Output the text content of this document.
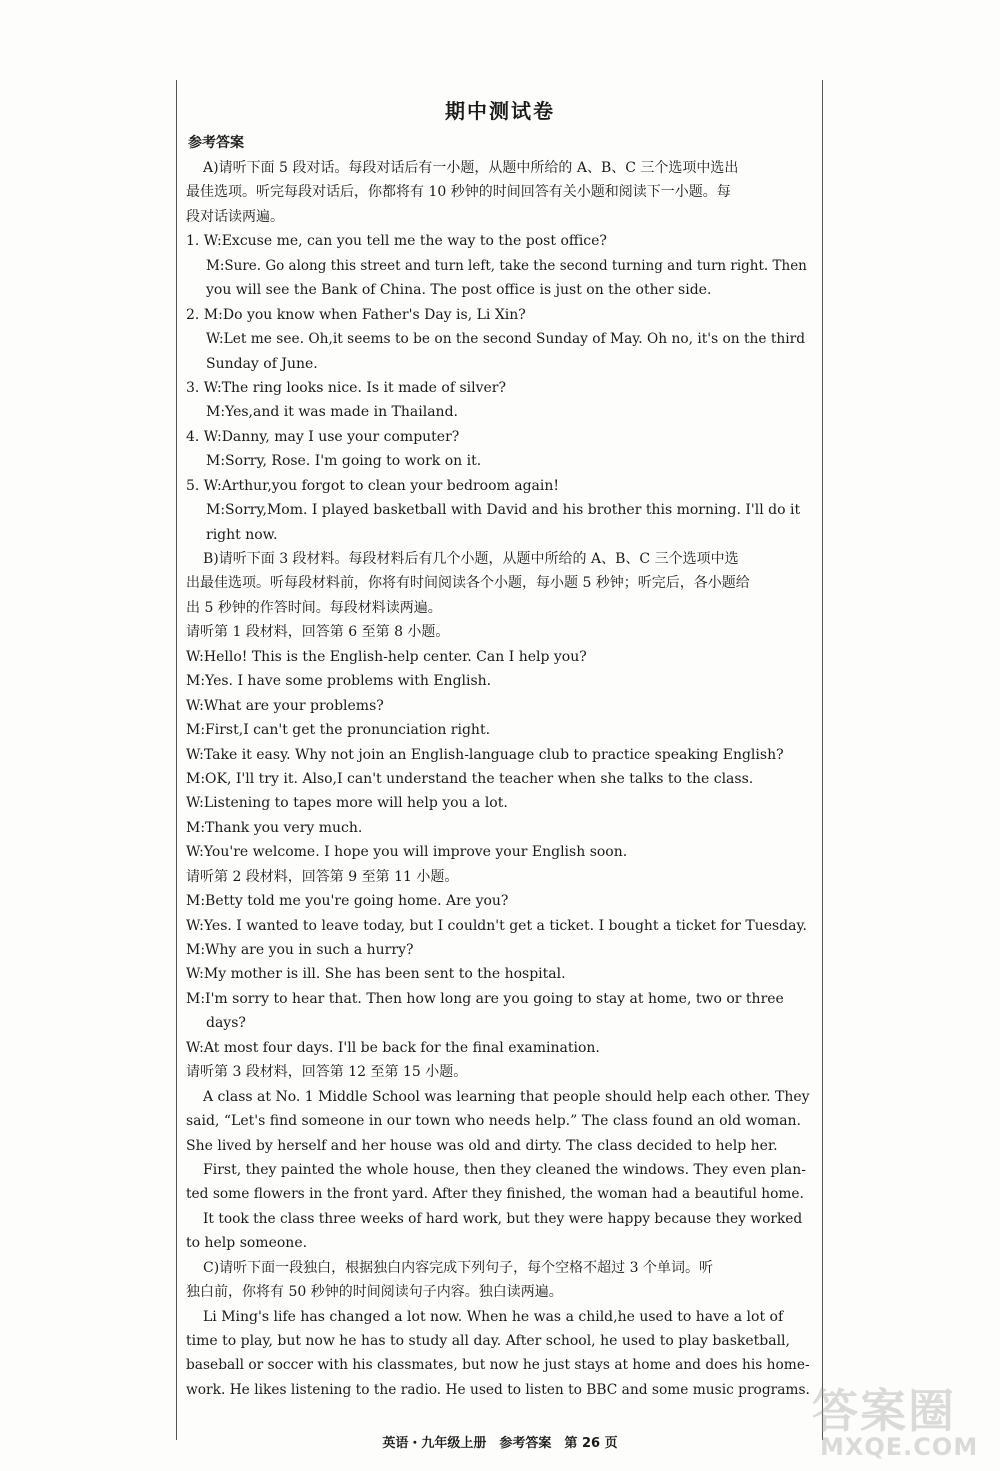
期中测试卷
参考答案
A)请听下面 5 段对话。每段对话后有一小题，从题中所给的 A、B、C 三个选项中选出
最佳选项。听完每段对话后，你都将有 10 秒钟的时间回答有关小题和阅读下一小题。每
段对话读两遍。
1. W:Excuse me, can you tell me the way to the post office?
M:Sure. Go along this street and turn left, take the second turning and turn right. Then
you will see the Bank of China. The post office is just on the other side.
2. M:Do you know when Father's Day is, Li Xin?
W:Let me see. Oh,it seems to be on the second Sunday of May. Oh no, it's on the third
Sunday of June.
3. W:The ring looks nice. Is it made of silver?
M:Yes,and it was made in Thailand.
4. W:Danny, may I use your computer?
M:Sorry, Rose. I'm going to work on it.
5. W:Arthur,you forgot to clean your bedroom again!
M:Sorry,Mom. I played basketball with David and his brother this morning. I'll do it
right now.
B)请听下面 3 段材料。每段材料后有几个小题，从题中所给的 A、B、C 三个选项中选
出最佳选项。听每段材料前，你将有时间阅读各个小题，每小题 5 秒钟；听完后，各小题给
出 5 秒钟的作答时间。每段材料读两遍。
请听第 1 段材料，回答第 6 至第 8 小题。
W:Hello! This is the English-help center. Can I help you?
M:Yes. I have some problems with English.
W:What are your problems?
M:First,I can't get the pronunciation right.
W:Take it easy. Why not join an English-language club to practice speaking English?
M:OK, I'll try it. Also,I can't understand the teacher when she talks to the class.
W:Listening to tapes more will help you a lot.
M:Thank you very much.
W:You're welcome. I hope you will improve your English soon.
请听第 2 段材料，回答第 9 至第 11 小题。
M:Betty told me you're going home. Are you?
W:Yes. I wanted to leave today, but I couldn't get a ticket. I bought a ticket for Tuesday.
M:Why are you in such a hurry?
W:My mother is ill. She has been sent to the hospital.
M:I'm sorry to hear that. Then how long are you going to stay at home, two or three
days?
W:At most four days. I'll be back for the final examination.
请听第 3 段材料，回答第 12 至第 15 小题。
A class at No. 1 Middle School was learning that people should help each other. They
said, “Let's find someone in our town who needs help.” The class found an old woman.
She lived by herself and her house was old and dirty. The class decided to help her.
First, they painted the whole house, then they cleaned the windows. They even plan-
ted some flowers in the front yard. After they finished, the woman had a beautiful home.
It took the class three weeks of hard work, but they were happy because they worked
to help someone.
C)请听下面一段独白，根据独白内容完成下列句子，每个空格不超过 3 个单词。听
独白前，你将有 50 秒钟的时间阅读句子内容。独白读两遍。
Li Ming's life has changed a lot now. When he was a child,he used to have a lot of
time to play, but now he has to study all day. After school, he used to play basketball,
baseball or soccer with his classmates, but now he just stays at home and does his home-
work. He likes listening to the radio. He used to listen to BBC and some music programs.
英语・九年级上册　参考答案　第 26 页
答案圈
MXQE.COM
